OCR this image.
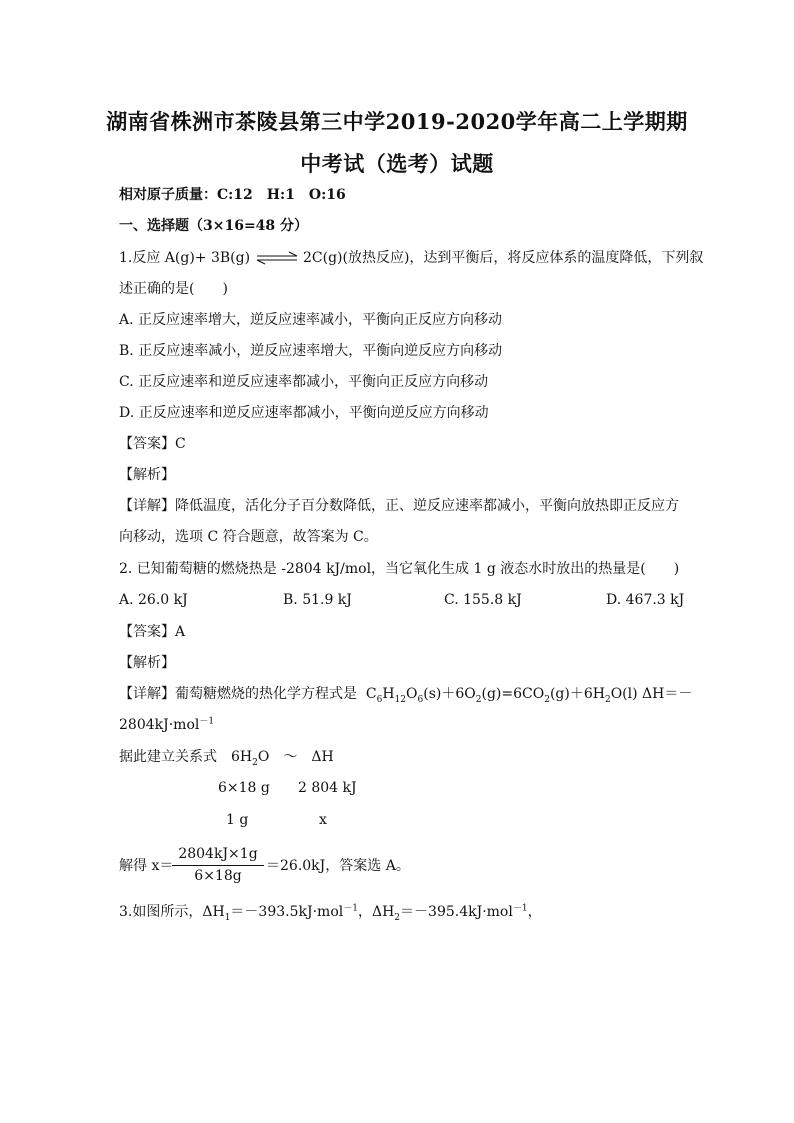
湖南省株洲市茶陵县第三中学2019-2020学年高二上学期期
中考试（选考）试题
相对原子质量：C:12　H:1　O:16
一、选择题（3×16=48 分）
1.反应 A(g)+ 3B(g) ⇌ 2C(g)(放热反应)，达到平衡后，将反应体系的温度降低，下列叙
述正确的是(　　)
A. 正反应速率增大，逆反应速率减小，平衡向正反应方向移动
B. 正反应速率减小，逆反应速率增大，平衡向逆反应方向移动
C. 正反应速率和逆反应速率都减小，平衡向正反应方向移动
D. 正反应速率和逆反应速率都减小，平衡向逆反应方向移动
【答案】C
【解析】
【详解】降低温度，活化分子百分数降低，正、逆反应速率都减小，平衡向放热即正反应方
向移动，选项 C 符合题意，故答案为 C。
2. 已知葡萄糖的燃烧热是 -2804 kJ/mol，当它氧化生成 1 g 液态水时放出的热量是(　　)
A. 26.0 kJ	B. 51.9 kJ	C. 155.8 kJ	D. 467.3 kJ
【答案】A
【解析】
【详解】葡萄糖燃烧的热化学方程式是  $C_6H_{12}O_6(s)+6O_2(g)=6CO_2(g)+6H_2O(l)$ ΔH＝－
2804kJ·mol$^{-1}$
据此建立关系式　$6H_2O$　～　ΔH
6×18 g 2 804 kJ
1 g	x
解得 x＝
2804kJ×1g
6×18g
＝26.0kJ，答案选 A。
3.如图所示，$\Delta H_1=-393.5kJ\cdot mol^{-1}$，$\Delta H_2=-395.4kJ\cdot mol^{-1}$，
